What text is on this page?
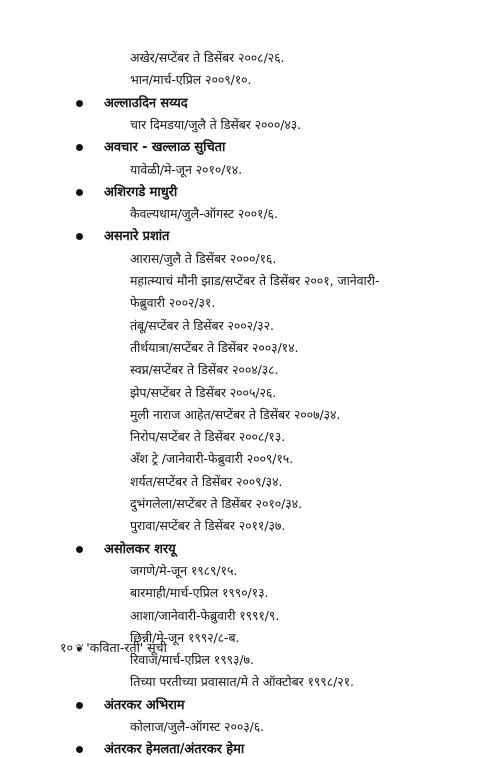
अखेर/सप्टेंबर ते डिसेंबर २००८/२६.
भान/मार्च-एप्रिल २००९/१०.
अल्लाउदिन सय्यद
चार दिमडया/जुलै ते डिसेंबर २०००/४३.
अवचार - खल्लाळ सुचिता
यावेळी/मे-जून २०१०/१४.
अशिरगडे माधुरी
कैवल्यधाम/जुलै-ऑगस्ट २००१/६.
असनारे प्रशांत
आरास/जुलै ते डिसेंबर २०००/१६.
महात्म्याचं मौनी झाड/सप्टेंबर ते डिसेंबर २००१, जानेवारी-
फेब्रुवारी २००२/३१.
तंबू/सप्टेंबर ते डिसेंबर २००२/३२.
तीर्थयात्रा/सप्टेंबर ते डिसेंबर २००३/१४.
स्वप्न/सप्टेंबर ते डिसेंबर २००४/३८.
झेप/सप्टेंबर ते डिसेंबर २००५/२६.
मुली नाराज आहेत/सप्टेंबर ते डिसेंबर २००७/३४.
निरोप/सप्टेंबर ते डिसेंबर २००८/१३.
अँश ट्रे /जानेवारी-फेब्रुवारी २००९/१५.
शर्यत/सप्टेंबर ते डिसेंबर २००९/३४.
दुभंगलेला/सप्टेंबर ते डिसेंबर २०१०/३४.
पुरावा/सप्टेंबर ते डिसेंबर २०११/३७.
असोलकर शरयू
जगणे/मे-जून १९८९/१५.
बारमाही/मार्च-एप्रिल १९९०/१३.
आशा/जानेवारी-फेब्रुवारी १९९१/९.
छिन्नी/मे-जून १९९२/८-ब.
रिवाज/मार्च-एप्रिल १९९३/७.
तिच्या परतीच्या प्रवासात/मे ते ऑक्टोबर १९९८/२१.
अंतरकर अभिराम
कोलाज/जुलै-ऑगस्ट २००३/६.
अंतरकर हेमलता/अंतरकर हेमा
१० ❦ 'कविता-रती' सूची
